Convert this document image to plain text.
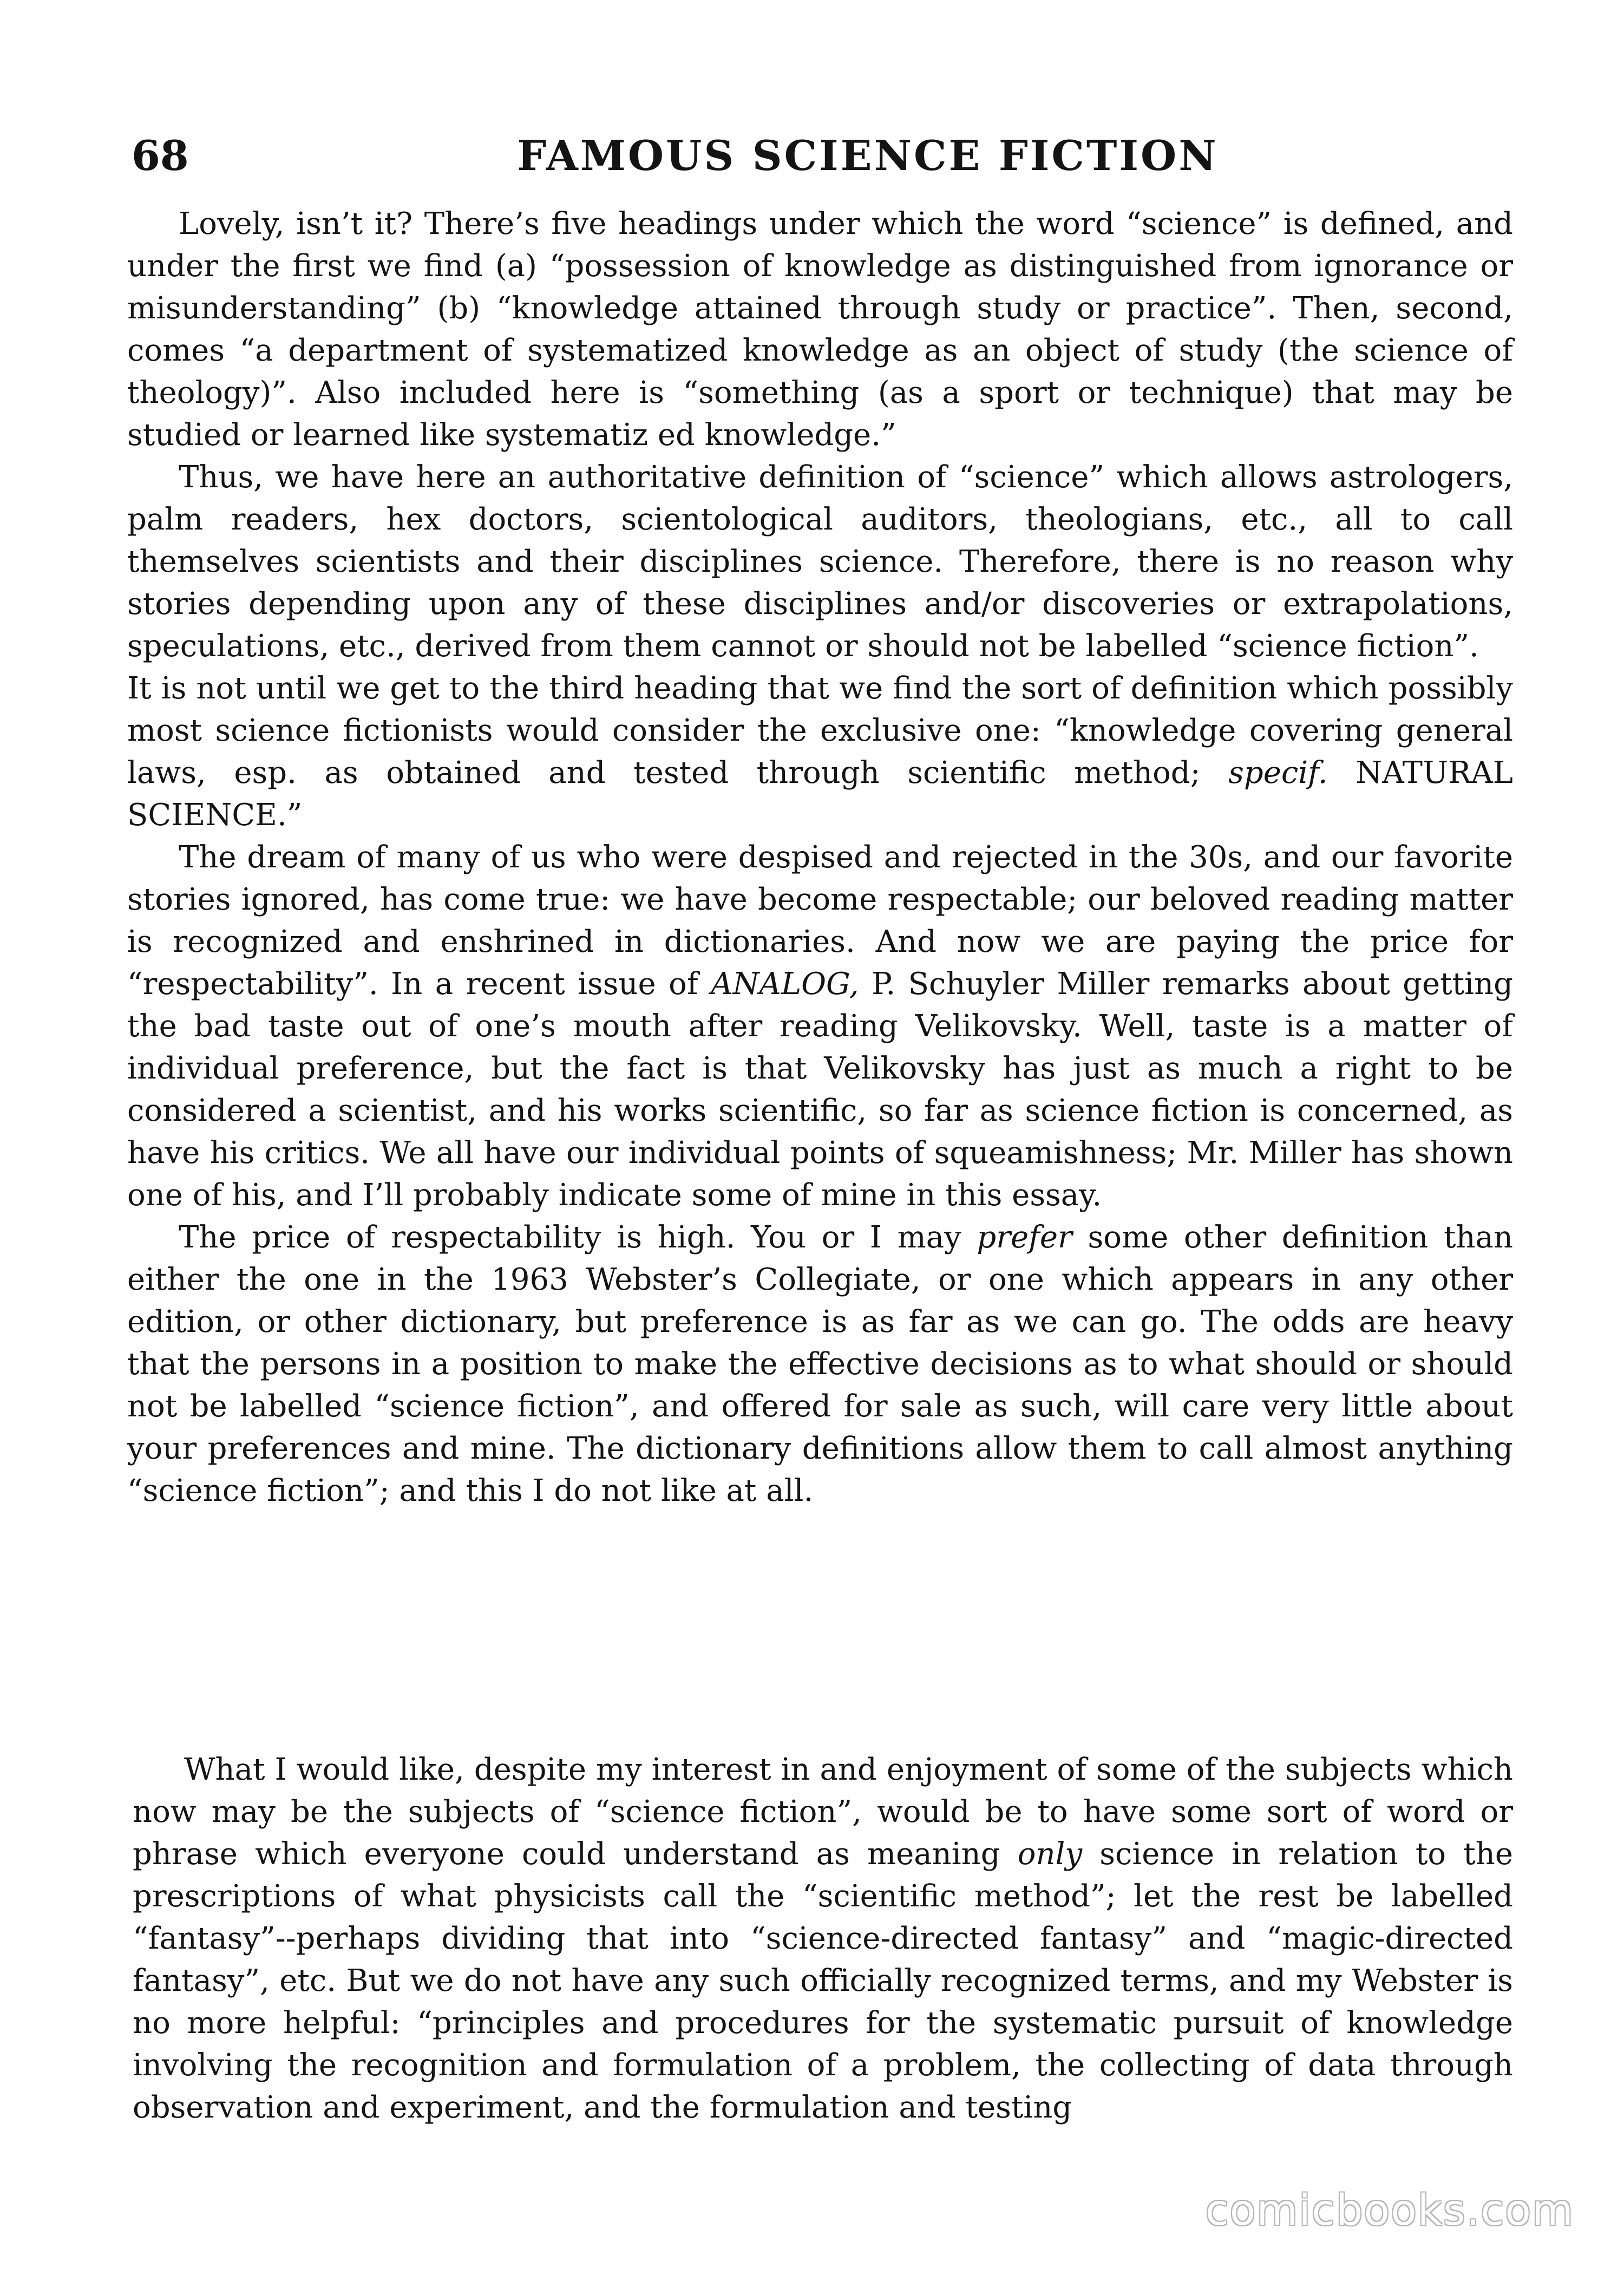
68	FAMOUS SCIENCE FICTION

Lovely, isn’t it? There’s five headings under which the word “science” is defined, and under the first we find (a) “possession of knowledge as distinguished from ignorance or misunderstanding” (b) “knowledge attained through study or practice”. Then, second, comes “a department of systematized knowledge as an object of study (the science of theology)”. Also included here is “something (as a sport or technique) that may be studied or learned like systematiz ed knowledge.”

Thus, we have here an authoritative definition of “science” which allows astrologers, palm readers, hex doctors, scientological auditors, theologians, etc., all to call themselves scientists and their disciplines science. Therefore, there is no reason why stories depending upon any of these disciplines and/or discoveries or extrapolations, speculations, etc., derived from them cannot or should not be labelled “science fiction”.

It is not until we get to the third heading that we find the sort of definition which possibly most science fictionists would consider the exclusive one: “knowledge covering general laws, esp. as obtained and tested through scientific method; specif. NATURAL SCIENCE.”

The dream of many of us who were despised and rejected in the 30s, and our favorite stories ignored, has come true: we have become respectable; our beloved reading matter is recognized and enshrined in dictionaries. And now we are paying the price for “respectability”. In a recent issue of ANALOG, P. Schuyler Miller remarks about getting the bad taste out of one’s mouth after reading Velikovsky. Well, taste is a matter of individual preference, but the fact is that Velikovsky has just as much a right to be considered a scientist, and his works scientific, so far as science fiction is concerned, as have his critics. We all have our individual points of squeamishness; Mr. Miller has shown one of his, and I’ll probably indicate some of mine in this essay.

The price of respectability is high. You or I may prefer some other definition than either the one in the 1963 Webster’s Collegiate, or one which appears in any other edition, or other dictionary, but preference is as far as we can go. The odds are heavy that the persons in a position to make the effective decisions as to what should or should not be labelled “science fiction”, and offered for sale as such, will care very little about your preferences and mine. The dictionary definitions allow them to call almost anything “science fiction”; and this I do not like at all.

What I would like, despite my interest in and enjoyment of some of the subjects which now may be the subjects of “science fiction”, would be to have some sort of word or phrase which everyone could understand as meaning only science in relation to the prescriptions of what physicists call the “scientific method”; let the rest be labelled “fantasy”--perhaps dividing that into “science-directed fantasy” and “magic-directed fantasy”, etc. But we do not have any such officially recognized terms, and my Webster is no more helpful: “principles and procedures for the systematic pursuit of knowledge involving the recognition and formulation of a problem, the collecting of data through observation and experiment, and the formulation and testing

comicbooks.com
